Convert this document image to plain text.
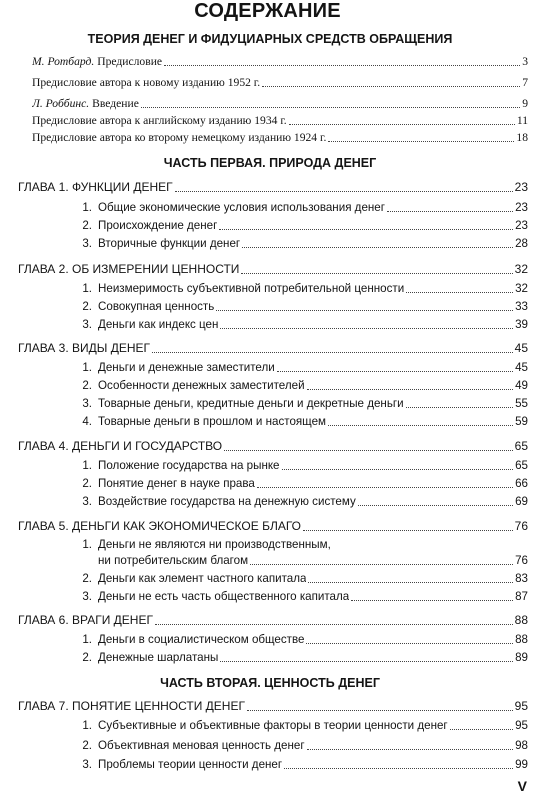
СОДЕРЖАНИЕ
ТЕОРИЯ ДЕНЕГ И ФИДУЦИАРНЫХ СРЕДСТВ ОБРАЩЕНИЯ
М. Ротбард. Предисловие	3
Предисловие автора к новому изданию 1952 г.	7
Л. Роббинс. Введение	9
Предисловие автора к английскому изданию 1934 г.	11
Предисловие автора ко второму немецкому изданию 1924 г.	18
ЧАСТЬ ПЕРВАЯ. ПРИРОДА ДЕНЕГ
ГЛАВА 1. ФУНКЦИИ ДЕНЕГ	23
1. Общие экономические условия использования денег	23
2. Происхождение денег	23
3. Вторичные функции денег	28
ГЛАВА 2. ОБ ИЗМЕРЕНИИ ЦЕННОСТИ	32
1. Неизмеримость субъективной потребительной ценности	32
2. Совокупная ценность	33
3. Деньги как индекс цен	39
ГЛАВА 3. ВИДЫ ДЕНЕГ	45
1. Деньги и денежные заместители	45
2. Особенности денежных заместителей	49
3. Товарные деньги, кредитные деньги и декретные деньги	55
4. Товарные деньги в прошлом и настоящем	59
ГЛАВА 4. ДЕНЬГИ И ГОСУДАРСТВО	65
1. Положение государства на рынке	65
2. Понятие денег в науке права	66
3. Воздействие государства на денежную систему	69
ГЛАВА 5. ДЕНЬГИ КАК ЭКОНОМИЧЕСКОЕ БЛАГО	76
1. Деньги не являются ни производственным,
ни потребительским благом	76
2. Деньги как элемент частного капитала	83
3. Деньги не есть часть общественного капитала	87
ГЛАВА 6. ВРАГИ ДЕНЕГ	88
1. Деньги в социалистическом обществе	88
2. Денежные шарлатаны	89
ЧАСТЬ ВТОРАЯ. ЦЕННОСТЬ ДЕНЕГ
ГЛАВА 7. ПОНЯТИЕ ЦЕННОСТИ ДЕНЕГ	95
1. Субъективные и объективные факторы в теории ценности денег	95
2. Объективная меновая ценность денег	98
3. Проблемы теории ценности денег	99
V
